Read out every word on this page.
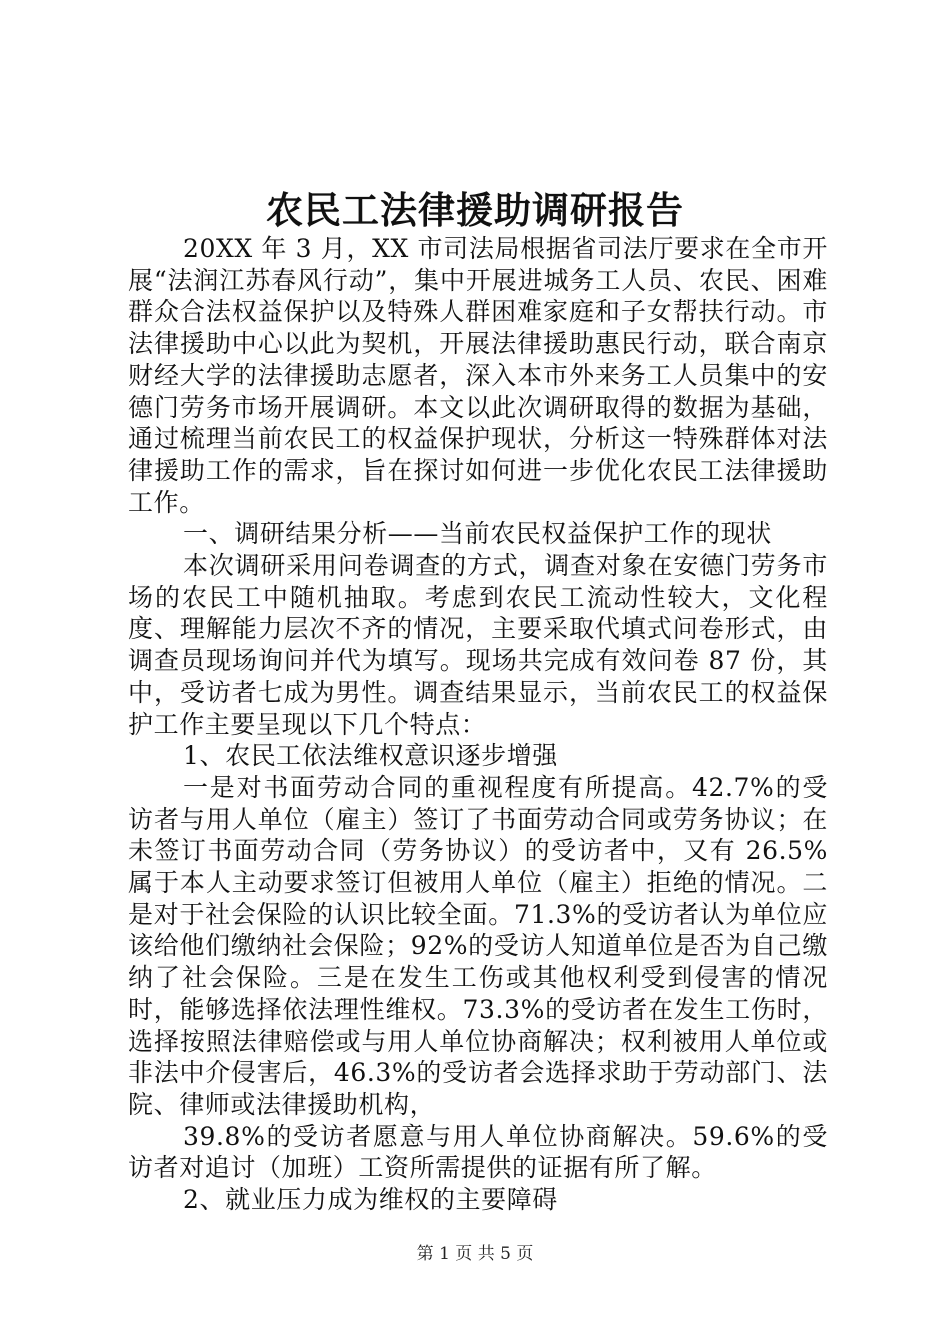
农民工法律援助调研报告

20XX 年 3 月，XX 市司法局根据省司法厅要求在全市开展“法润江苏春风行动”，集中开展进城务工人员、农民、困难群众合法权益保护以及特殊人群困难家庭和子女帮扶行动。市法律援助中心以此为契机，开展法律援助惠民行动，联合南京财经大学的法律援助志愿者，深入本市外来务工人员集中的安德门劳务市场开展调研。本文以此次调研取得的数据为基础，通过梳理当前农民工的权益保护现状，分析这一特殊群体对法律援助工作的需求，旨在探讨如何进一步优化农民工法律援助工作。

一、调研结果分析——当前农民权益保护工作的现状

本次调研采用问卷调查的方式，调查对象在安德门劳务市场的农民工中随机抽取。考虑到农民工流动性较大，文化程度、理解能力层次不齐的情况，主要采取代填式问卷形式，由调查员现场询问并代为填写。现场共完成有效问卷 87 份，其中，受访者七成为男性。调查结果显示，当前农民工的权益保护工作主要呈现以下几个特点：

1、农民工依法维权意识逐步增强

一是对书面劳动合同的重视程度有所提高。42.7%的受访者与用人单位（雇主）签订了书面劳动合同或劳务协议；在未签订书面劳动合同（劳务协议）的受访者中，又有 26.5%属于本人主动要求签订但被用人单位（雇主）拒绝的情况。二是对于社会保险的认识比较全面。71.3%的受访者认为单位应该给他们缴纳社会保险；92%的受访人知道单位是否为自己缴纳了社会保险。三是在发生工伤或其他权利受到侵害的情况时，能够选择依法理性维权。73.3%的受访者在发生工伤时，选择按照法律赔偿或与用人单位协商解决；权利被用人单位或非法中介侵害后，46.3%的受访者会选择求助于劳动部门、法院、律师或法律援助机构，

39.8%的受访者愿意与用人单位协商解决。59.6%的受访者对追讨（加班）工资所需提供的证据有所了解。

2、就业压力成为维权的主要障碍

第 1 页 共 5 页
